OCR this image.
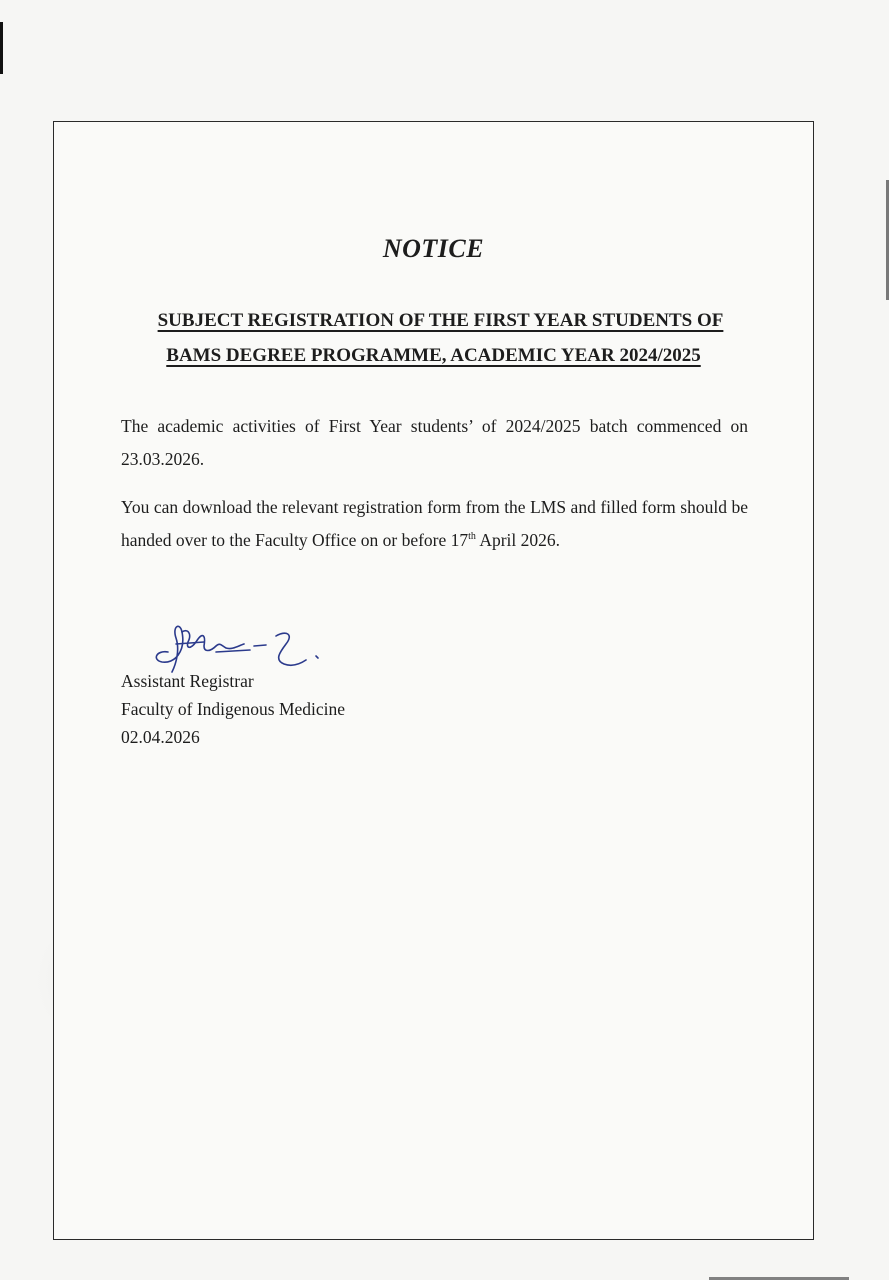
NOTICE
SUBJECT REGISTRATION OF THE FIRST YEAR STUDENTS OF
BAMS DEGREE PROGRAMME, ACADEMIC YEAR 2024/2025

The academic activities of First Year students’ of 2024/2025 batch commenced on 23.03.2026.

You can download the relevant registration form from the LMS and filled form should be handed over to the Faculty Office on or before 17th April 2026.

Assistant Registrar
Faculty of Indigenous Medicine
02.04.2026
